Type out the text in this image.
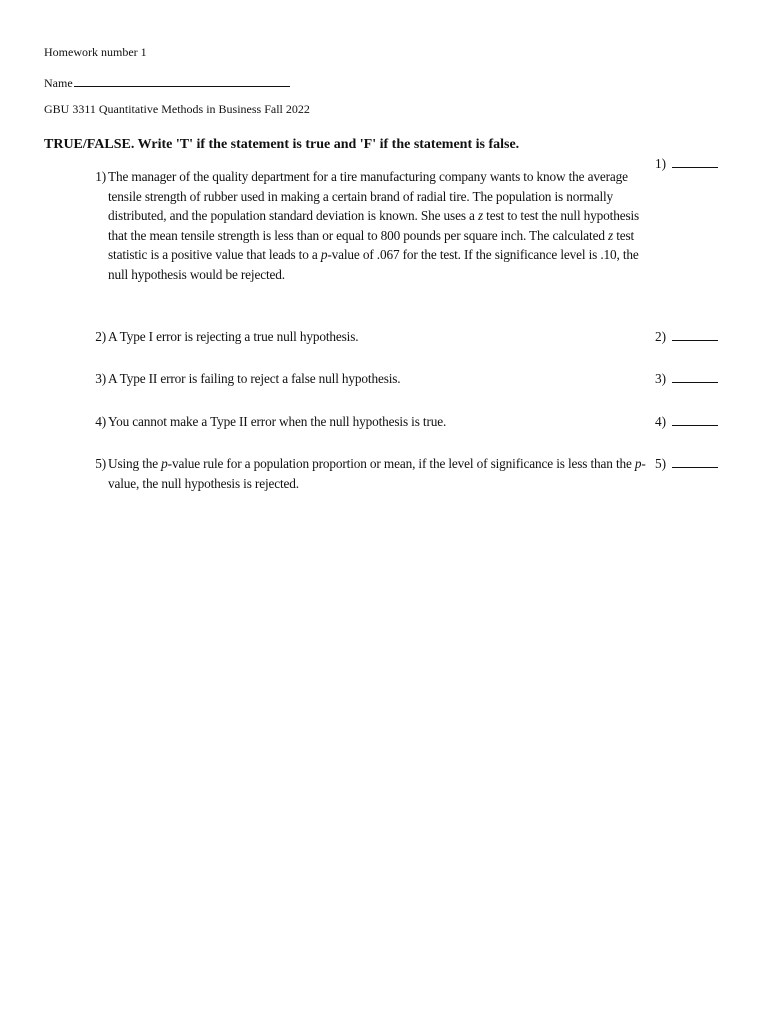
Homework number 1
Name
GBU 3311 Quantitative Methods in Business Fall 2022
TRUE/FALSE. Write 'T' if the statement is true and 'F' if the statement is false.
1) The manager of the quality department for a tire manufacturing company wants to know the average tensile strength of rubber used in making a certain brand of radial tire. The population is normally distributed, and the population standard deviation is known. She uses a z test to test the null hypothesis that the mean tensile strength is less than or equal to 800 pounds per square inch. The calculated z test statistic is a positive value that leads to a p-value of .067 for the test. If the significance level is .10, the null hypothesis would be rejected.
1)
2) A Type I error is rejecting a true null hypothesis.	2)
3) A Type II error is failing to reject a false null hypothesis.	3)
4) You cannot make a Type II error when the null hypothesis is true.	4)
5) Using the p-value rule for a population proportion or mean, if the level of significance is less than the p-value, the null hypothesis is rejected.
5)
